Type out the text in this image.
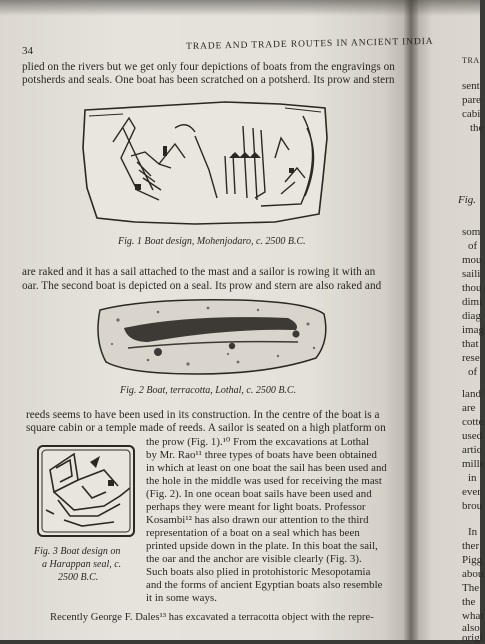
34	TRADE AND TRADE ROUTES IN ANCIENT INDIA
plied on the rivers but we get only four depictions of boats from the engravings on
potsherds and seals. One boat has been scratched on a potsherd. Its prow and stern
Fig. 1 Boat design, Mohenjodaro, c. 2500 B.C.
are raked and it has a sail attached to the mast and a sailor is rowing it with an
oar. The second boat is depicted on a seal. Its prow and stern are also raked and
Fig. 2 Boat, terracotta, Lothal, c. 2500 B.C.
reeds seems to have been used in its construction. In the centre of the boat is a
square cabin or a temple made of reeds. A sailor is seated on a high platform on
Fig. 3 Boat design on
a Harappan seal, c.
2500 B.C.
the prow (Fig. 1).¹⁰ From the excavations at Lothal
by Mr. Rao¹¹ three types of boats have been obtained
in which at least on one boat the sail has been used and
the hole in the middle was used for receiving the mast
(Fig. 2). In one ocean boat sails have been used and
perhaps they were meant for light boats. Professor
Kosambi¹² has also drawn our attention to the third
representation of a boat on a seal which has been
printed upside down in the plate. In this boat the sail,
the oar and the anchor are visible clearly (Fig. 3).
Such boats also plied in protohistoric Mesopotamia
and the forms of ancient Egyptian boats also resemble
it in some ways.
Recently George F. Dales¹³ has excavated a terracotta object with the repre-
TRA
sent
pare
cabi
the
Fig.
som
of
mou
saili
thou
dimi
diag
imag
that
rese
of
land
are
cotte
used
artic
mille
in
ever
brou
In
ther
Pigg
abou
The
the
what
also
origi
